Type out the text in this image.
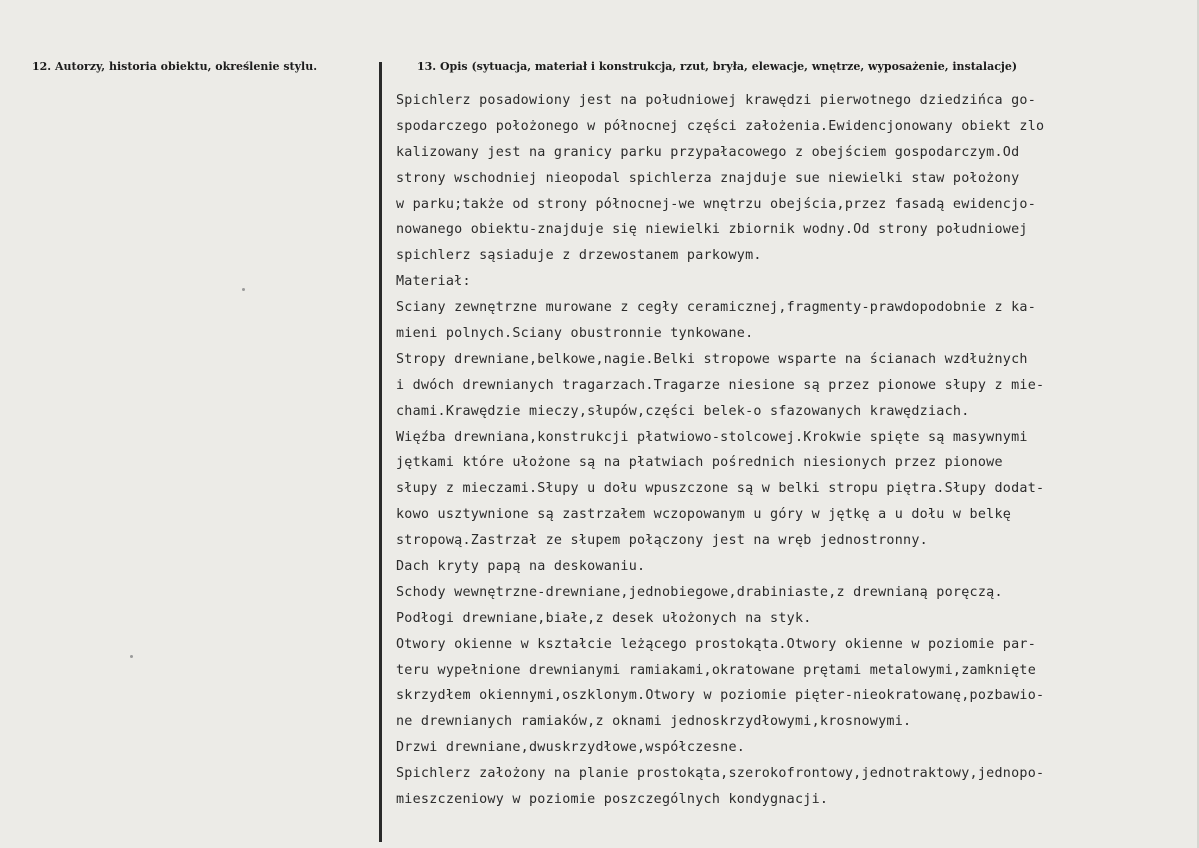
12. Autorzy, historia obiektu, określenie stylu.	13. Opis (sytuacja, materiał i konstrukcja, rzut, bryła, elewacje, wnętrze, wyposażenie, instalacje)
Spichlerz posadowiony jest na południowej krawędzi pierwotnego dziedzińca go-
spodarczego położonego w północnej części założenia.Ewidencjonowany obiekt zlo
kalizowany jest na granicy parku przypałacowego z obejściem gospodarczym.Od
strony wschodniej nieopodal spichlerza znajduje sue niewielki staw położony
w parku;także od strony północnej-we wnętrzu obejścia,przez fasadą ewidencjo-
nowanego obiektu-znajduje się niewielki zbiornik wodny.Od strony południowej
spichlerz sąsiaduje z drzewostanem parkowym.
Materiał:
Sciany zewnętrzne murowane z cegły ceramicznej,fragmenty-prawdopodobnie z ka-
mieni polnych.Sciany obustronnie tynkowane.
Stropy drewniane,belkowe,nagie.Belki stropowe wsparte na ścianach wzdłużnych
i dwóch drewnianych tragarzach.Tragarze niesione są przez pionowe słupy z mie-
chami.Krawędzie mieczy,słupów,części belek-o sfazowanych krawędziach.
Więźba drewniana,konstrukcji płatwiowo-stolcowej.Krokwie spięte są masywnymi
jętkami które ułożone są na płatwiach pośrednich niesionych przez pionowe
słupy z mieczami.Słupy u dołu wpuszczone są w belki stropu piętra.Słupy dodat-
kowo usztywnione są zastrzałem wczopowanym u góry w jętkę a u dołu w belkę
stropową.Zastrzał ze słupem połączony jest na wręb jednostronny.
Dach kryty papą na deskowaniu.
Schody wewnętrzne-drewniane,jednobiegowe,drabiniaste,z drewnianą poręczą.
Podłogi drewniane,białe,z desek ułożonych na styk.
Otwory okienne w kształcie leżącego prostokąta.Otwory okienne w poziomie par-
teru wypełnione drewnianymi ramiakami,okratowane prętami metalowymi,zamknięte
skrzydłem okiennymi,oszklonym.Otwory w poziomie pięter-nieokratowanę,pozbawio-
ne drewnianych ramiaków,z oknami jednoskrzydłowymi,krosnowymi.
Drzwi drewniane,dwuskrzydłowe,współczesne.
Spichlerz założony na planie prostokąta,szerokofrontowy,jednotraktowy,jednopo-
mieszczeniowy w poziomie poszczególnych kondygnacji.
